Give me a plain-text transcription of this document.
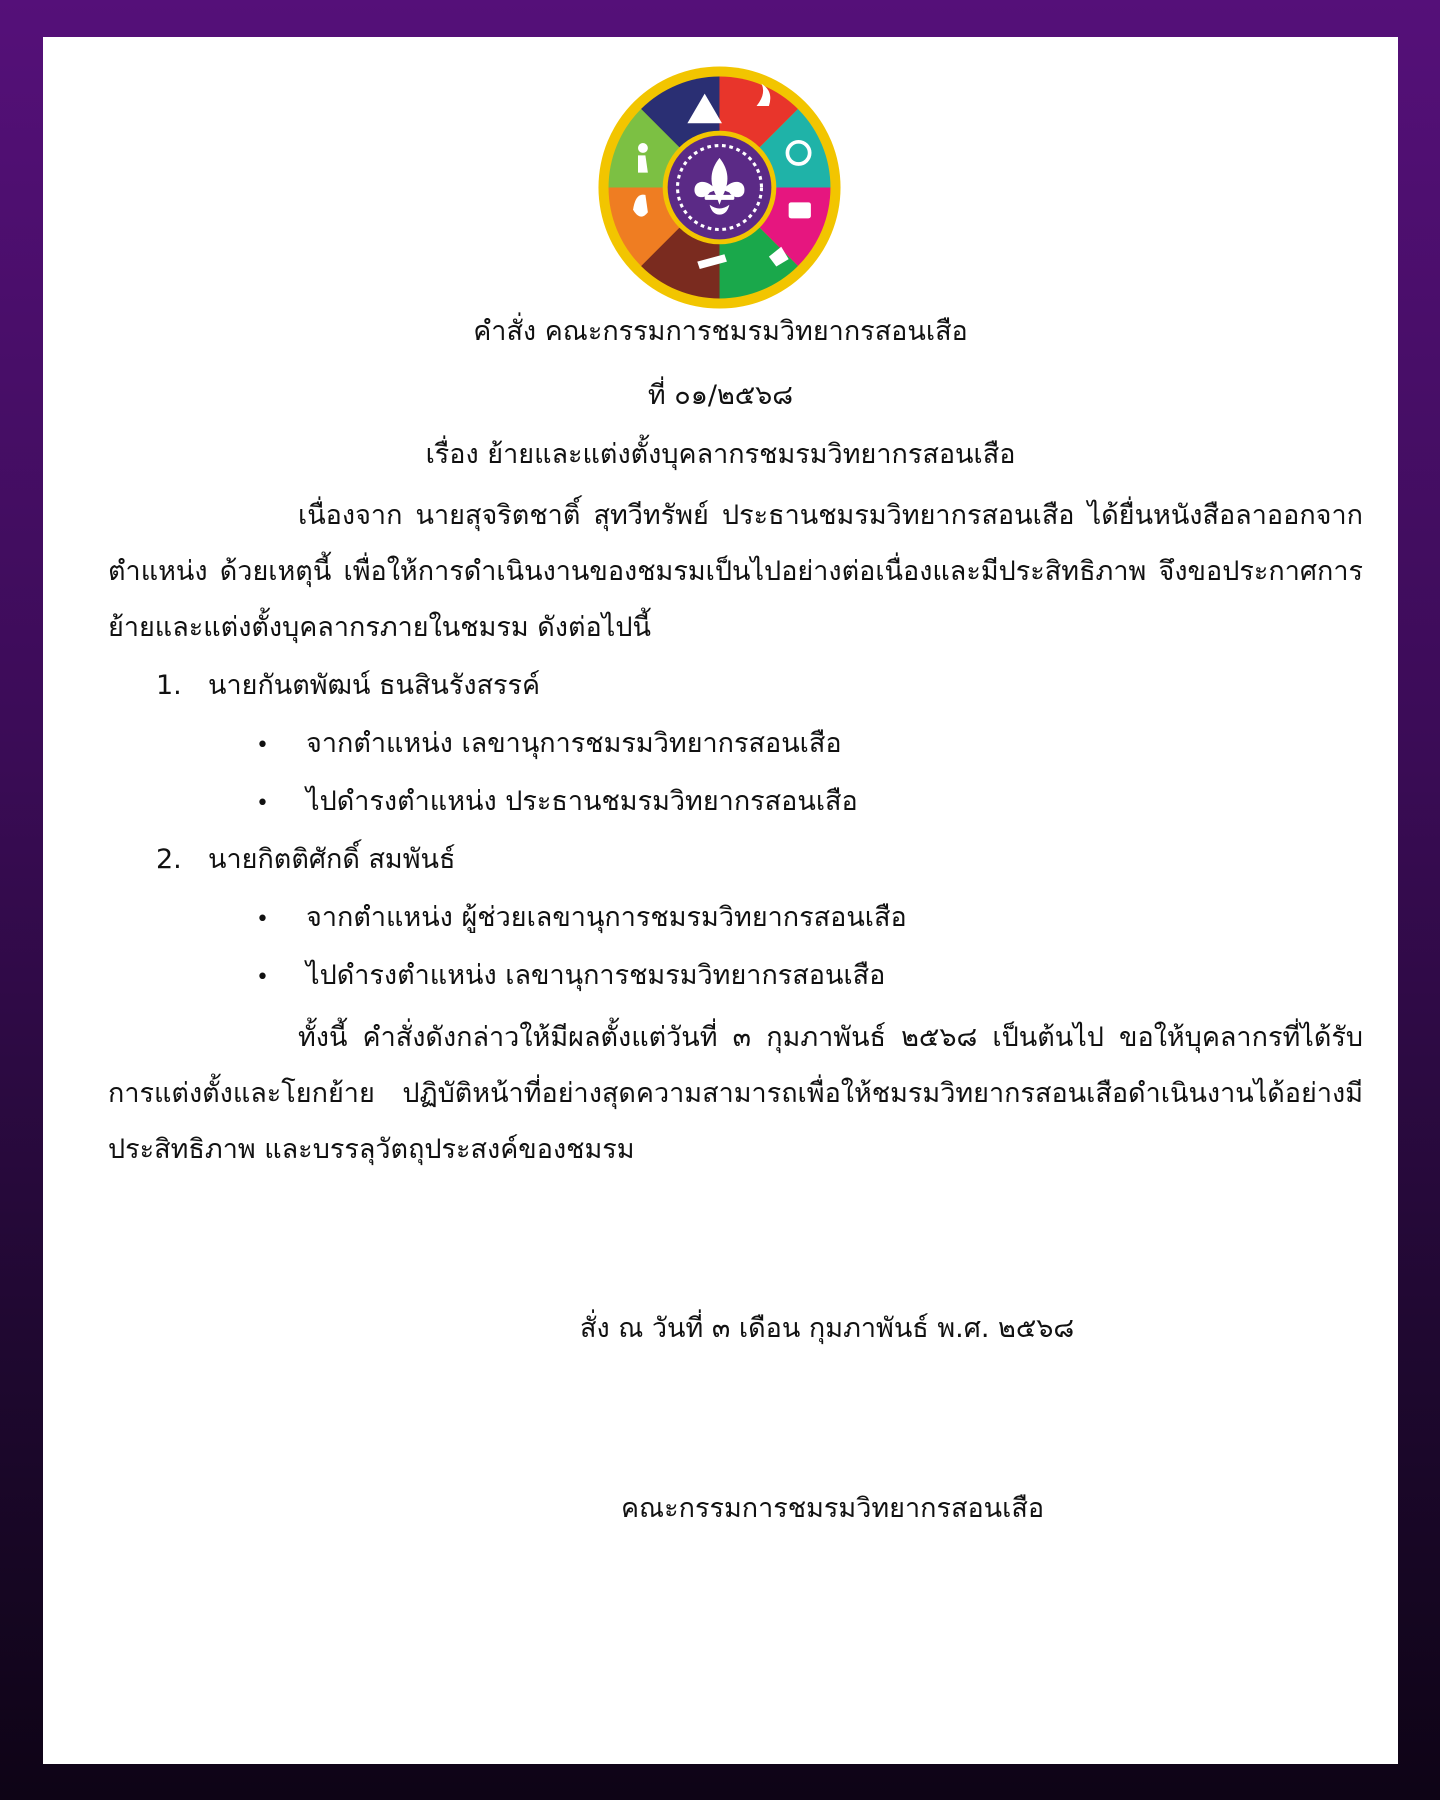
คำสั่ง คณะกรรมการชมรมวิทยากรสอนเสือ

ที่ ๐๑/๒๕๖๘

เรื่อง ย้ายและแต่งตั้งบุคลากรชมรมวิทยากรสอนเสือ

เนื่องจาก นายสุจริตชาติ์ สุทวีทรัพย์ ประธานชมรมวิทยากรสอนเสือ ได้ยื่นหนังสือลาออกจากตำแหน่ง ด้วยเหตุนี้ เพื่อให้การดำเนินงานของชมรมเป็นไปอย่างต่อเนื่องและมีประสิทธิภาพ จึงขอประกาศการย้ายและแต่งตั้งบุคลากรภายในชมรม ดังต่อไปนี้

1. นายกันตพัฒน์ ธนสินรังสรรค์
• จากตำแหน่ง เลขานุการชมรมวิทยากรสอนเสือ
• ไปดำรงตำแหน่ง ประธานชมรมวิทยากรสอนเสือ
2. นายกิตติศักดิ์ สมพันธ์
• จากตำแหน่ง ผู้ช่วยเลขานุการชมรมวิทยากรสอนเสือ
• ไปดำรงตำแหน่ง เลขานุการชมรมวิทยากรสอนเสือ

ทั้งนี้ คำสั่งดังกล่าวให้มีผลตั้งแต่วันที่ ๓ กุมภาพันธ์ ๒๕๖๘ เป็นต้นไป ขอให้บุคลากรที่ได้รับการแต่งตั้งและโยกย้าย ปฏิบัติหน้าที่อย่างสุดความสามารถเพื่อให้ชมรมวิทยากรสอนเสือดำเนินงานได้อย่างมีประสิทธิภาพ และบรรลุวัตถุประสงค์ของชมรม

สั่ง ณ วันที่ ๓ เดือน กุมภาพันธ์ พ.ศ. ๒๕๖๘

คณะกรรมการชมรมวิทยากรสอนเสือ
